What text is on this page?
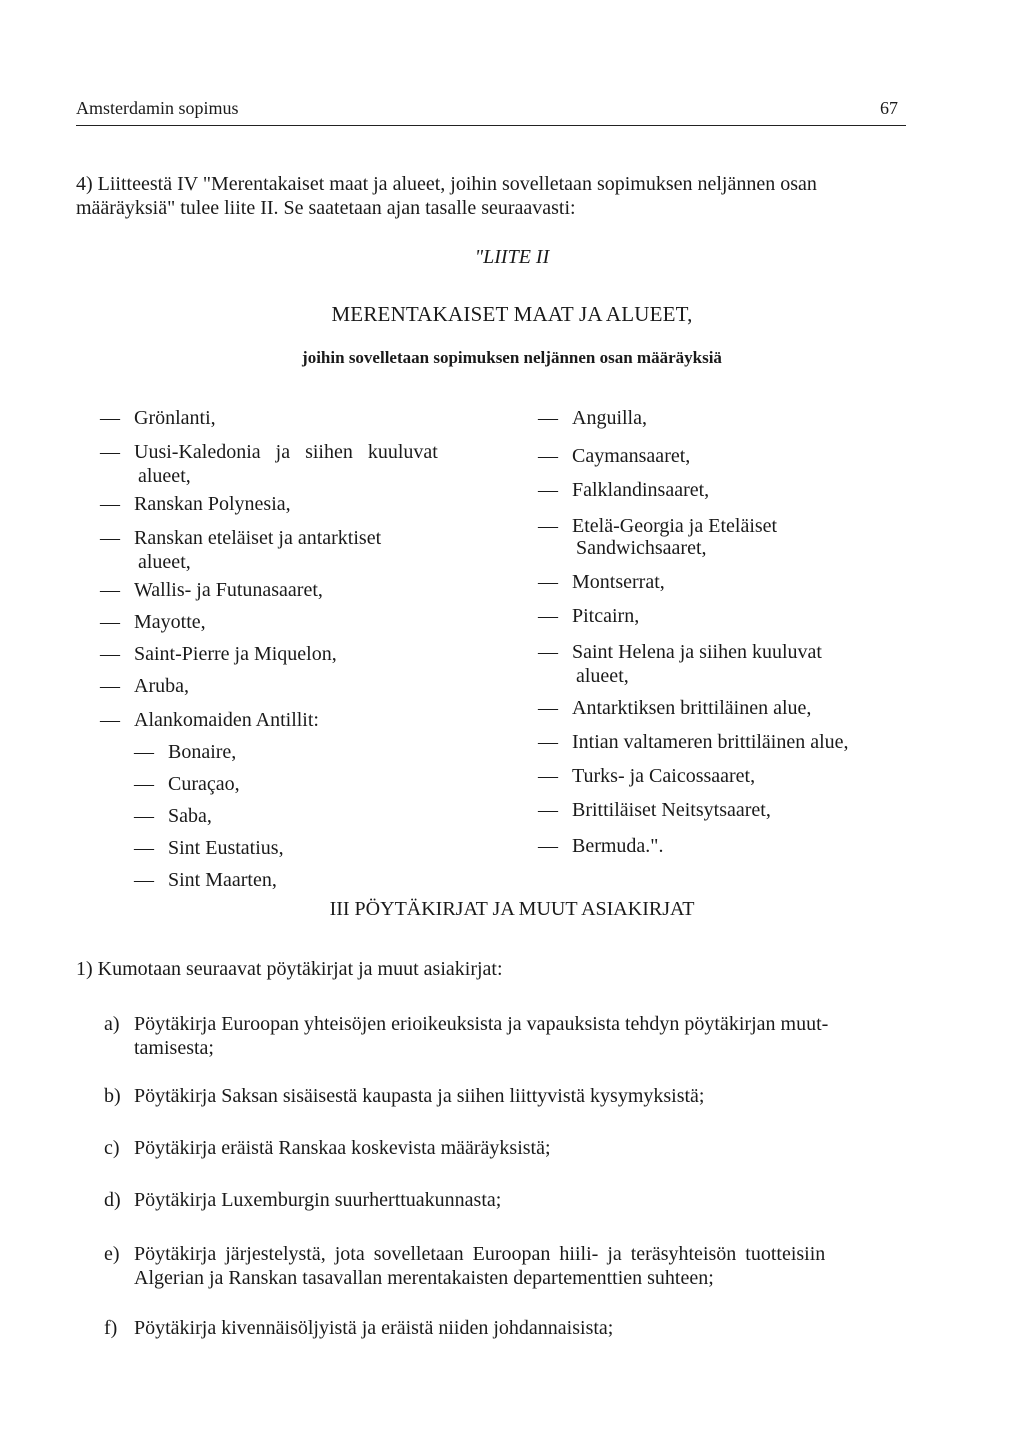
Amsterdamin sopimus	67
4) Liitteestä IV "Merentakaiset maat ja alueet, joihin sovelletaan sopimuksen neljännen osan
määräyksiä" tulee liite II. Se saatetaan ajan tasalle seuraavasti:
"LIITE II
MERENTAKAISET MAAT JA ALUEET,
joihin sovelletaan sopimuksen neljännen osan määräyksiä
— Grönlanti,
— Uusi-Kaledonia   ja   siihen   kuuluvat
alueet,
— Ranskan Polynesia,
— Ranskan eteläiset ja antarktiset
alueet,
— Wallis- ja Futunasaaret,
— Mayotte,
— Saint-Pierre ja Miquelon,
— Aruba,
— Alankomaiden Antillit:
— Bonaire,
— Curaçao,
— Saba,
— Sint Eustatius,
— Sint Maarten,
— Anguilla,
— Caymansaaret,
— Falklandinsaaret,
— Etelä-Georgia ja Eteläiset
Sandwichsaaret,
— Montserrat,
— Pitcairn,
— Saint Helena ja siihen kuuluvat
alueet,
— Antarktiksen brittiläinen alue,
— Intian valtameren brittiläinen alue,
— Turks- ja Caicossaaret,
— Brittiläiset Neitsytsaaret,
— Bermuda.".
III PÖYTÄKIRJAT JA MUUT ASIAKIRJAT
1) Kumotaan seuraavat pöytäkirjat ja muut asiakirjat:
a) Pöytäkirja Euroopan yhteisöjen erioikeuksista ja vapauksista tehdyn pöytäkirjan muut-
tamisesta;
b) Pöytäkirja Saksan sisäisestä kaupasta ja siihen liittyvistä kysymyksistä;
c) Pöytäkirja eräistä Ranskaa koskevista määräyksistä;
d) Pöytäkirja Luxemburgin suurherttuakunnasta;
e) Pöytäkirja järjestelystä, jota sovelletaan Euroopan hiili- ja teräsyhteisön tuotteisiin
Algerian ja Ranskan tasavallan merentakaisten departementtien suhteen;
f) Pöytäkirja kivennäisöljyistä ja eräistä niiden johdannaisista;
